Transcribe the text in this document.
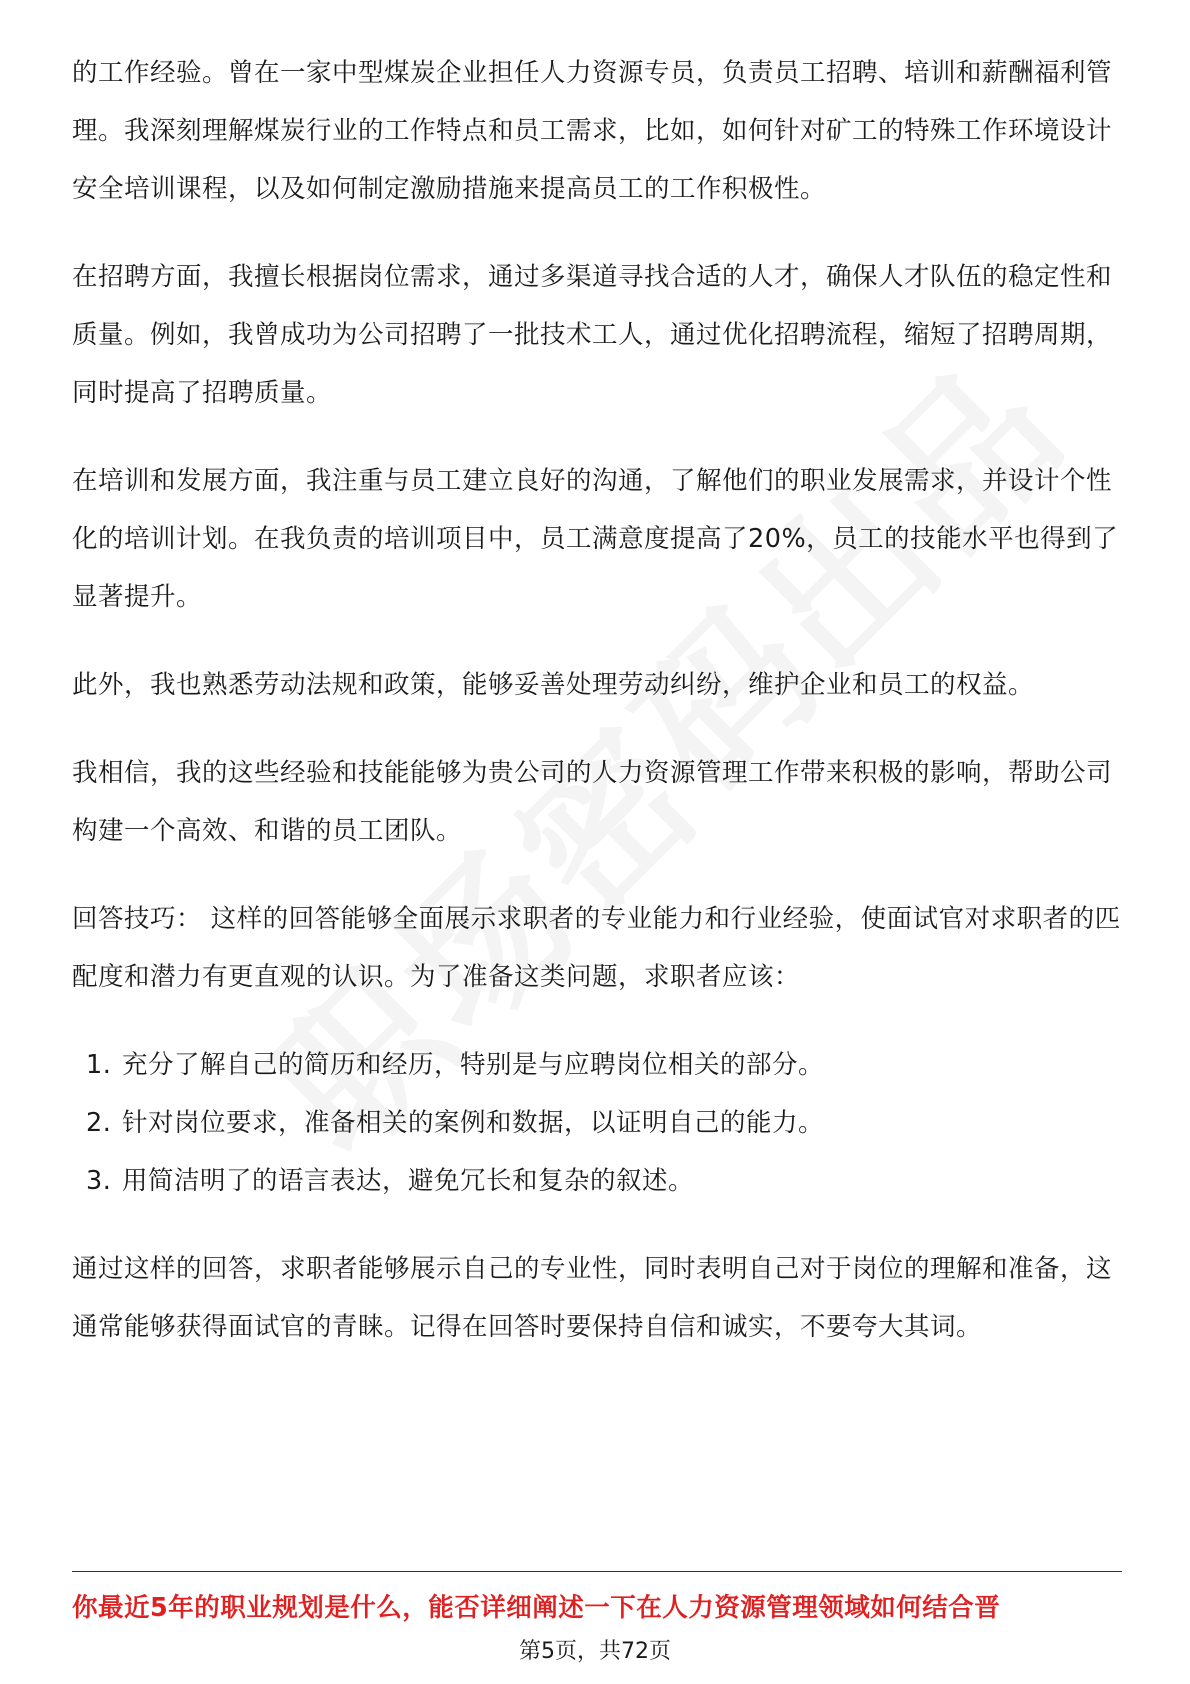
的工作经验。曾在一家中型煤炭企业担任人力资源专员，负责员工招聘、培训和薪酬福利管理。我深刻理解煤炭行业的工作特点和员工需求，比如，如何针对矿工的特殊工作环境设计安全培训课程，以及如何制定激励措施来提高员工的工作积极性。

在招聘方面，我擅长根据岗位需求，通过多渠道寻找合适的人才，确保人才队伍的稳定性和质量。例如，我曾成功为公司招聘了一批技术工人，通过优化招聘流程，缩短了招聘周期，同时提高了招聘质量。

在培训和发展方面，我注重与员工建立良好的沟通，了解他们的职业发展需求，并设计个性化的培训计划。在我负责的培训项目中，员工满意度提高了20%，员工的技能水平也得到了显著提升。

此外，我也熟悉劳动法规和政策，能够妥善处理劳动纠纷，维护企业和员工的权益。

我相信，我的这些经验和技能能够为贵公司的人力资源管理工作带来积极的影响，帮助公司构建一个高效、和谐的员工团队。

回答技巧： 这样的回答能够全面展示求职者的专业能力和行业经验，使面试官对求职者的匹配度和潜力有更直观的认识。为了准备这类问题，求职者应该：

1. 充分了解自己的简历和经历，特别是与应聘岗位相关的部分。
2. 针对岗位要求，准备相关的案例和数据，以证明自己的能力。
3. 用简洁明了的语言表达，避免冗长和复杂的叙述。

通过这样的回答，求职者能够展示自己的专业性，同时表明自己对于岗位的理解和准备，这通常能够获得面试官的青睐。记得在回答时要保持自信和诚实，不要夸大其词。

你最近5年的职业规划是什么，能否详细阐述一下在人力资源管理领域如何结合晋
第5页，共72页
